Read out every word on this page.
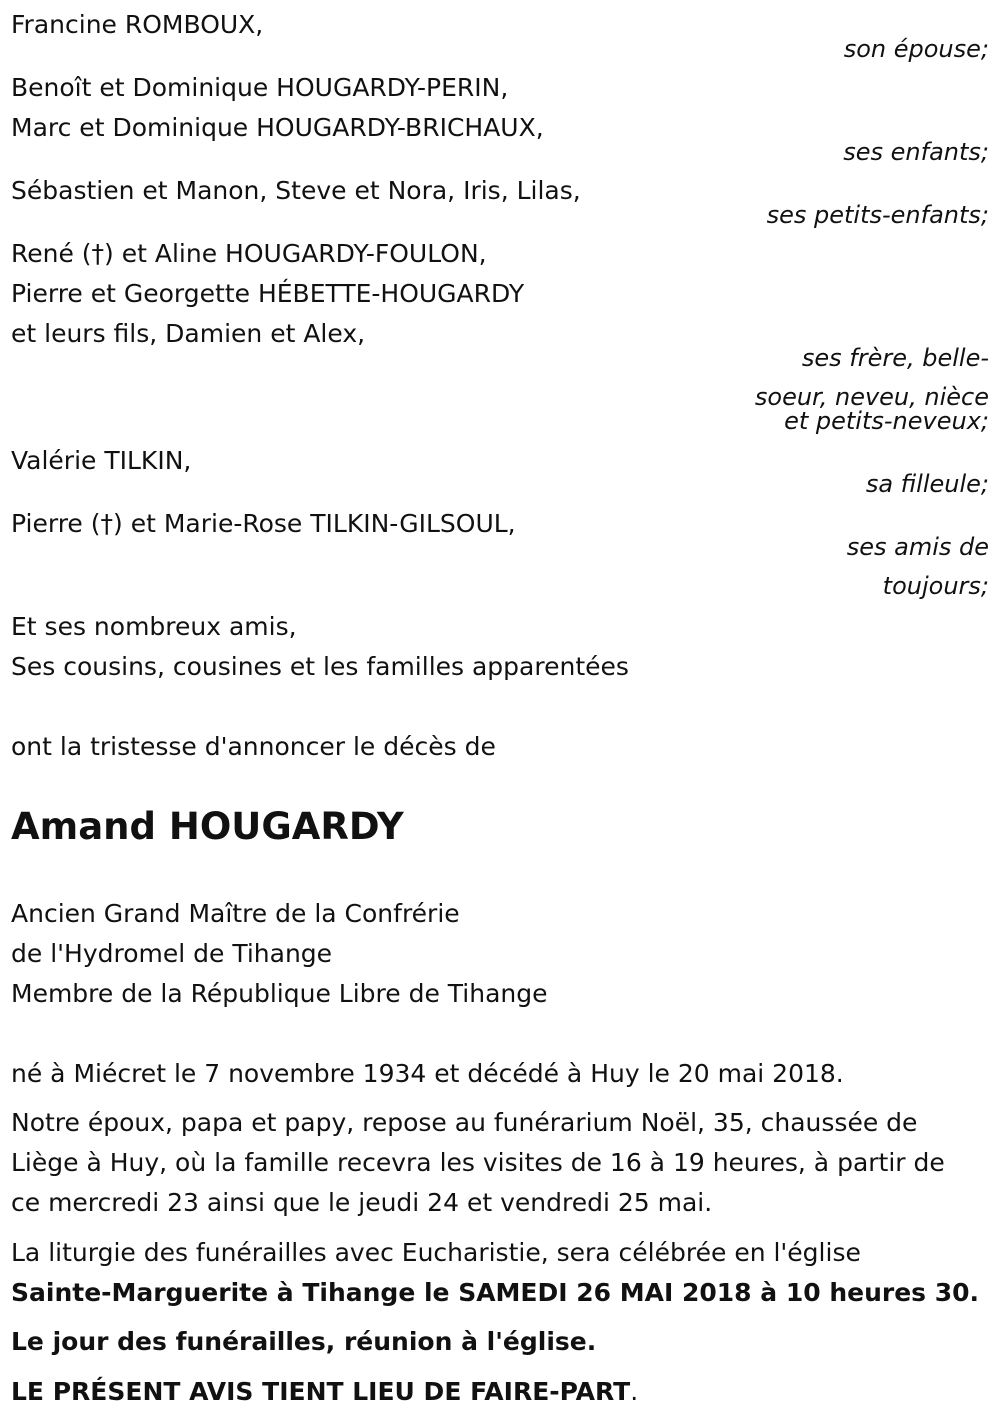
Francine ROMBOUX,

son épouse;

Benoît et Dominique HOUGARDY-PERIN,

Marc et Dominique HOUGARDY-BRICHAUX,

ses enfants;

Sébastien et Manon, Steve et Nora, Iris, Lilas,

ses petits-enfants;

René (†) et Aline HOUGARDY-FOULON,

Pierre et Georgette HÉBETTE-HOUGARDY

et leurs fils, Damien et Alex,

ses frère, belle-

soeur, neveu, nièce

et petits-neveux;

Valérie TILKIN,

sa filleule;

Pierre (†) et Marie-Rose TILKIN-GILSOUL,

ses amis de

toujours;

Et ses nombreux amis,

Ses cousins, cousines et les familles apparentées

ont la tristesse d'annoncer le décès de

Amand HOUGARDY

Ancien Grand Maître de la Confrérie

de l'Hydromel de Tihange

Membre de la République Libre de Tihange

né à Miécret le 7 novembre 1934 et décédé à Huy le 20 mai 2018.

Notre époux, papa et papy, repose au funérarium Noël, 35, chaussée de

Liège à Huy, où la famille recevra les visites de 16 à 19 heures, à partir de

ce mercredi 23 ainsi que le jeudi 24 et vendredi 25 mai.

La liturgie des funérailles avec Eucharistie, sera célébrée en l'église

Sainte-Marguerite à Tihange le SAMEDI 26 MAI 2018 à 10 heures 30.

Le jour des funérailles, réunion à l'église.

LE PRÉSENT AVIS TIENT LIEU DE FAIRE-PART.
